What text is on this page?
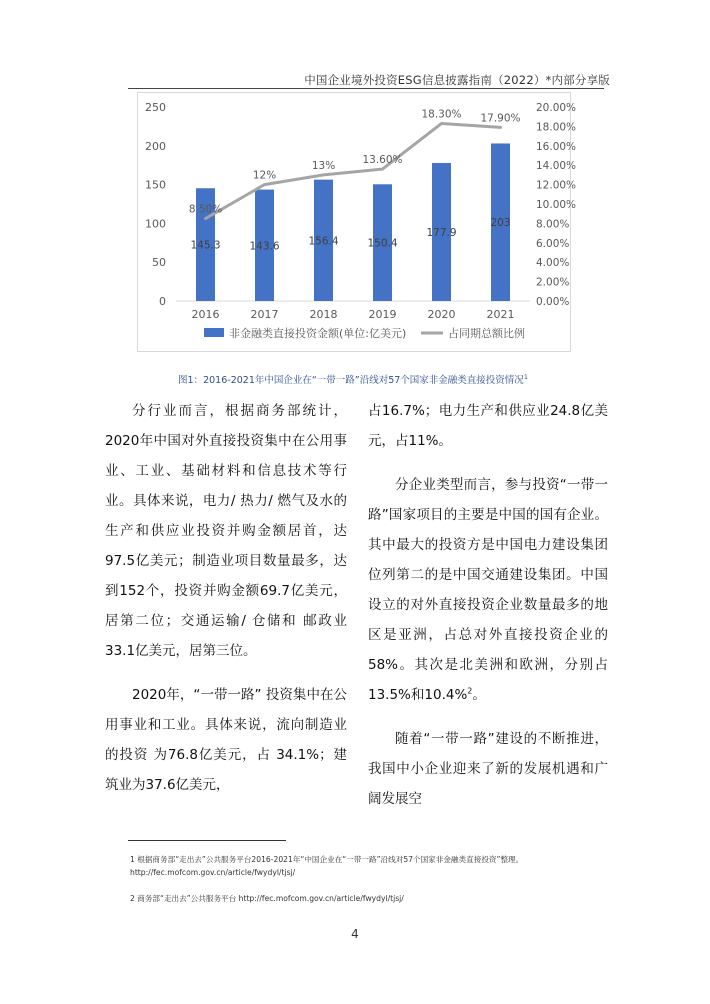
中国企业境外投资ESG信息披露指南（2022）*内部分享版
0
50
100
150
200
250
0.00%
2.00%
4.00%
6.00%
8.00%
10.00%
12.00%
14.00%
16.00%
18.00%
20.00%
145.3	143.6	156.4	150.4
177.9
203
8.50%
12%
13%	13.60%
18.30% 17.90%
2016	2017	2018	2019	2020	2021
非金融类直接投资金额(单位:亿美元)	占同期总额比例
图1：2016-2021年中国企业在“一带一路”沿线对57个国家非金融类直接投资情况$^1$

分行业而言，根据商务部统计，2020年中国对外直接投资集中在公用事业、工业、基础材料和信息技术等行业。具体来说，电力/ 热力/ 燃气及水的生产和供应业投资并购金额居首，达97.5亿美元；制造业项目数量最多，达到152个，投资并购金额69.7亿美元，居第二位；交通运输/ 仓储和 邮政业33.1亿美元，居第三位。

2020年，“一带一路” 投资集中在公用事业和工业。具体来说，流向制造业的投资 为76.8亿美元，占 34.1%；建筑业为37.6亿美元，

占16.7%；电力生产和供应业24.8亿美元，占11%。

分企业类型而言，参与投资“一带一路”国家项目的主要是中国的国有企业。其中最大的投资方是中国电力建设集团位列第二的是中国交通建设集团。中国设立的对外直接投资企业数量最多的地区是亚洲，占总对外直接投资企业的58%。其次是北美洲和欧洲，分别占13.5%和10.4%$^2$。

随着“一带一路”建设的不断推进，我国中小企业迎来了新的发展机遇和广阔发展空

1 根据商务部“走出去”公共服务平台2016-2021年“中国企业在“一带一路”沿线对57个国家非金融类直接投资”整理。http://fec.mofcom.gov.cn/article/fwydyl/tjsj/
2 商务部“走出去”公共服务平台 http://fec.mofcom.gov.cn/article/fwydyl/tjsj/
4
